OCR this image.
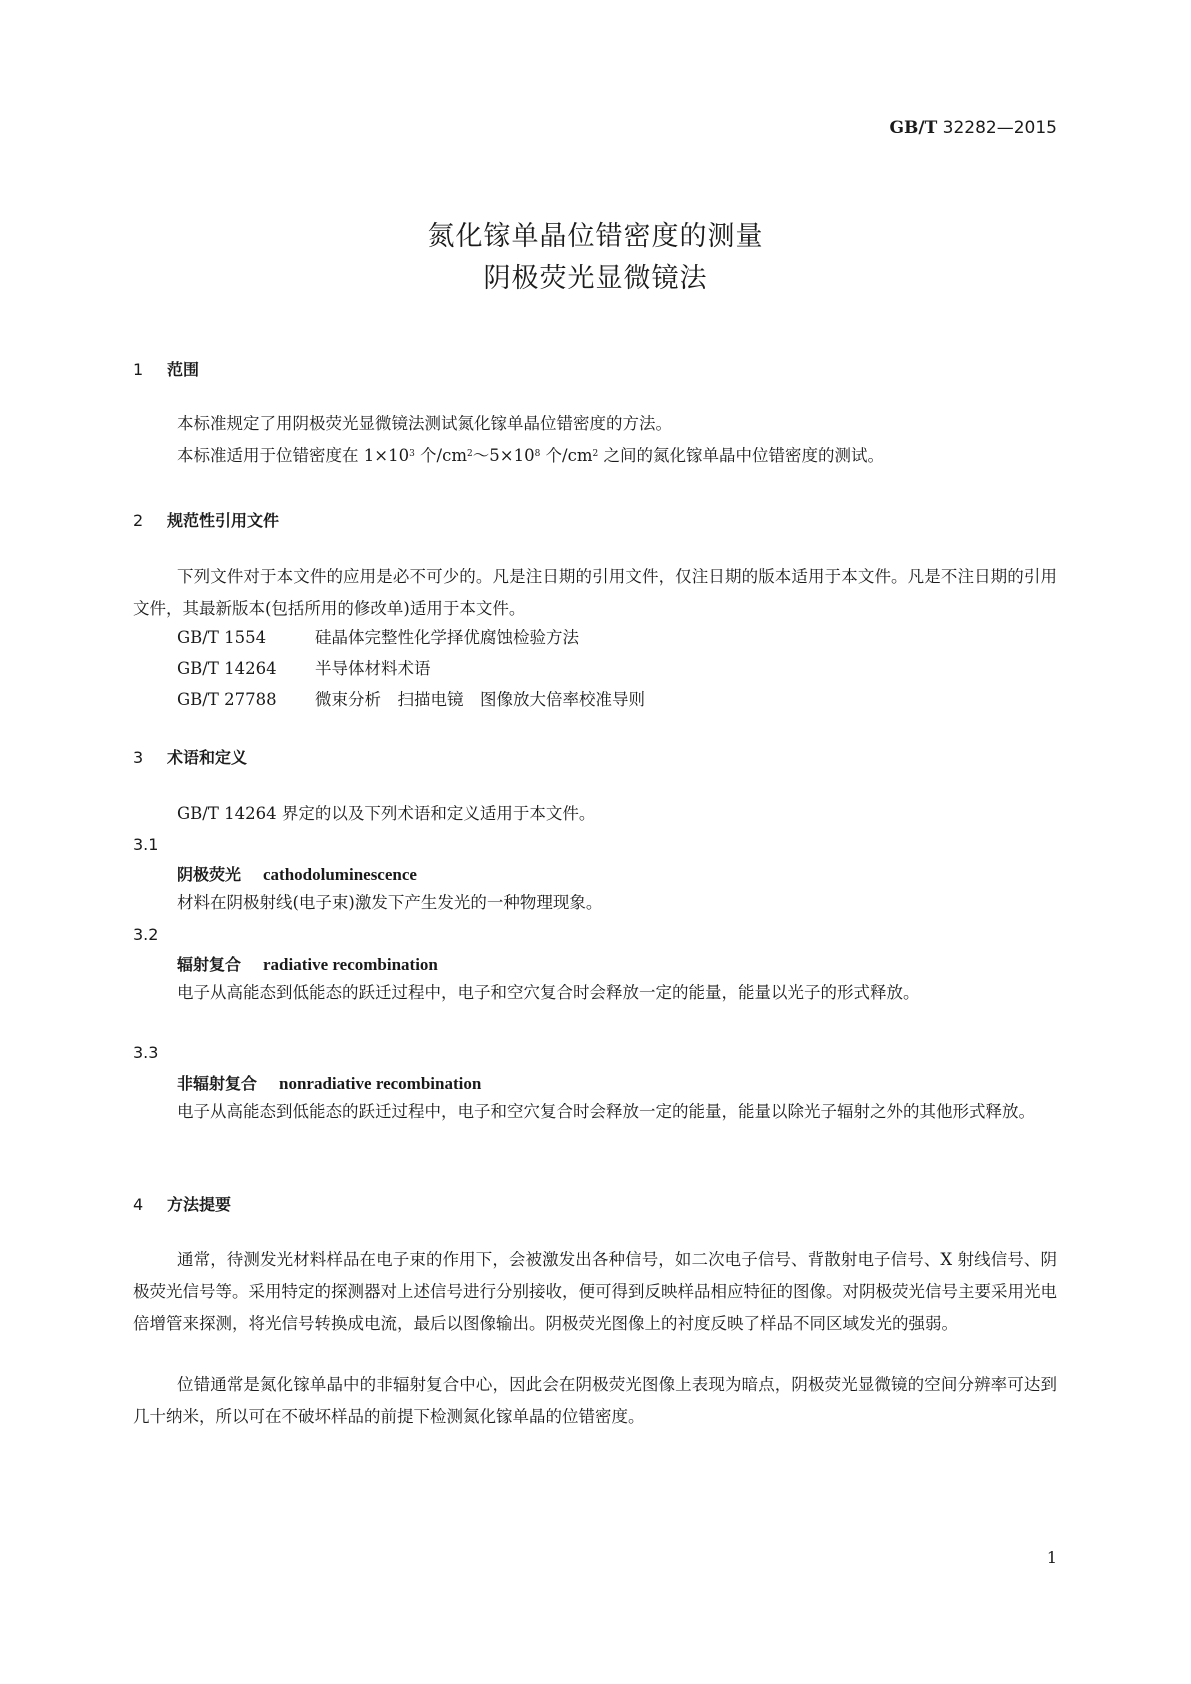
GB/T 32282—2015
氮化镓单晶位错密度的测量
阴极荧光显微镜法
1 范围
本标准规定了用阴极荧光显微镜法测试氮化镓单晶位错密度的方法。
本标准适用于位错密度在 $1\times 10^3$ 个$/cm^2\sim 5\times 10^8$ 个$/cm^2$ 之间的氮化镓单晶中位错密度的测试。
2 规范性引用文件
下列文件对于本文件的应用是必不可少的。凡是注日期的引用文件，仅注日期的版本适用于本文件。凡是不注日期的引用文件，其最新版本(包括所用的修改单)适用于本文件。
GB/T 1554	硅晶体完整性化学择优腐蚀检验方法
GB/T 14264 半导体材料术语
GB/T 27788 微束分析　扫描电镜　图像放大倍率校准导则
3 术语和定义
GB/T 14264 界定的以及下列术语和定义适用于本文件。
3.1
阴极荧光 cathodoluminescence
材料在阴极射线(电子束)激发下产生发光的一种物理现象。
3.2
辐射复合 radiative recombination
电子从高能态到低能态的跃迁过程中，电子和空穴复合时会释放一定的能量，能量以光子的形式释放。
3.3
非辐射复合 nonradiative recombination
电子从高能态到低能态的跃迁过程中，电子和空穴复合时会释放一定的能量，能量以除光子辐射之外的其他形式释放。
4 方法提要
通常，待测发光材料样品在电子束的作用下，会被激发出各种信号，如二次电子信号、背散射电子信号、X 射线信号、阴极荧光信号等。采用特定的探测器对上述信号进行分别接收，便可得到反映样品相应特征的图像。对阴极荧光信号主要采用光电倍增管来探测，将光信号转换成电流，最后以图像输出。阴极荧光图像上的衬度反映了样品不同区域发光的强弱。
位错通常是氮化镓单晶中的非辐射复合中心，因此会在阴极荧光图像上表现为暗点，阴极荧光显微镜的空间分辨率可达到几十纳米，所以可在不破坏样品的前提下检测氮化镓单晶的位错密度。
1
